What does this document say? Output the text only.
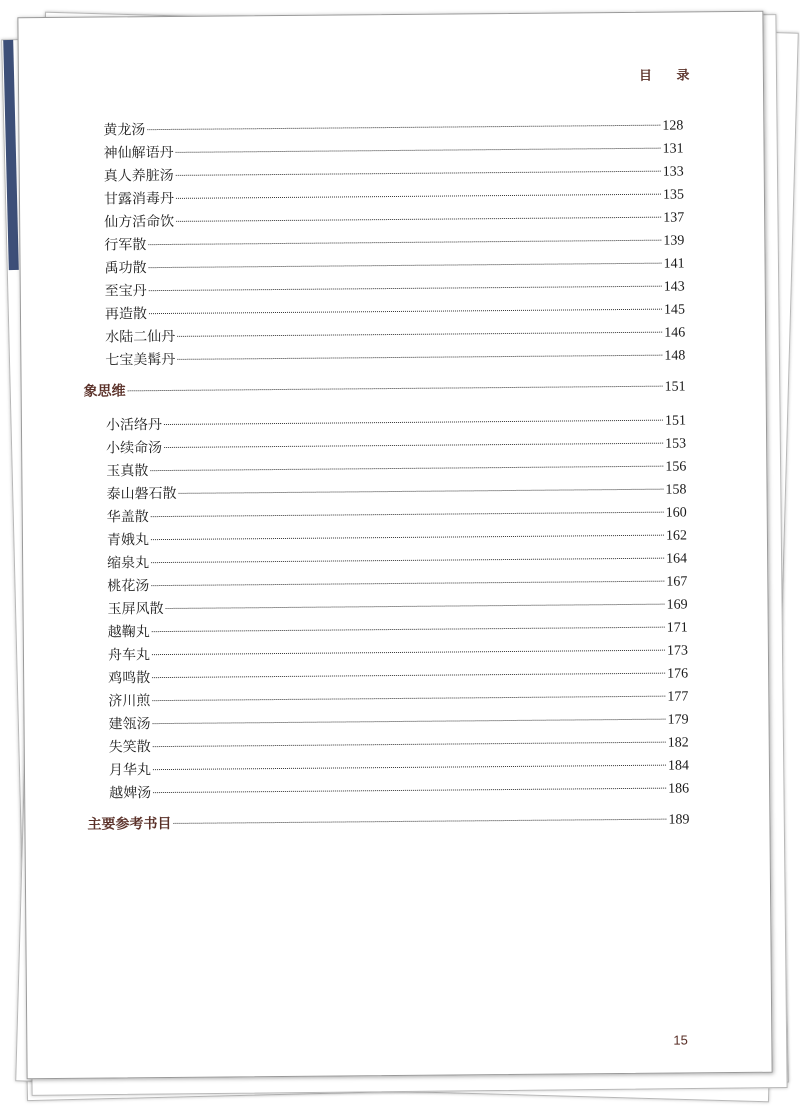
目 录
黄龙汤	128
神仙解语丹	131
真人养脏汤	133
甘露消毒丹	135
仙方活命饮	137
行军散	139
禹功散	141
至宝丹	143
再造散	145
水陆二仙丹	146
七宝美髯丹	148
象思维	151
小活络丹	151
小续命汤	153
玉真散	156
泰山磐石散	158
华盖散	160
青娥丸	162
缩泉丸	164
桃花汤	167
玉屏风散	169
越鞠丸	171
舟车丸	173
鸡鸣散	176
济川煎	177
建瓴汤	179
失笑散	182
月华丸	184
越婢汤	186
主要参考书目	189
15
